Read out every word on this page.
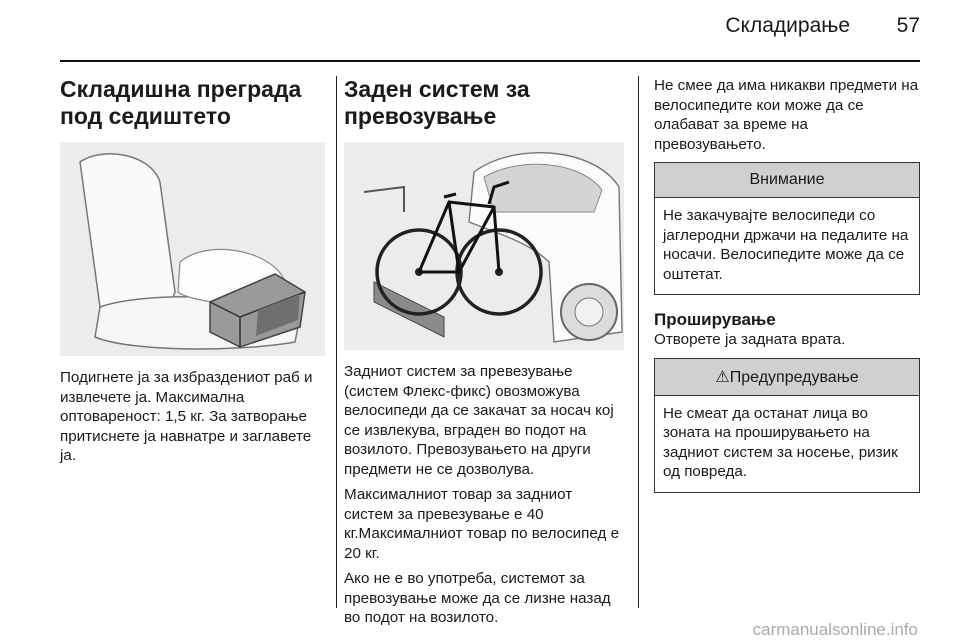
Складирање	57
Складишна преграда под седиштето

Подигнете ја за избраздениот раб и извлечете ја. Максимална оптовареност: 1,5 кг. За затворање притиснете ја навнатре и заглавете ја.

Заден систем за превозување

Задниот систем за превезување (систем Флекс-фикс) овозможува велосипеди да се закачат за носач кој се извлекува, вграден во подот на возилото. Превозувањето на други предмети не се дозволува.

Максималниот товар за задниот систем за превезување е 40 кг.Максималниот товар по велосипед е 20 кг.

Ако не е во употреба, системот за превозување може да се лизне назад во подот на возилото.

Не смее да има никакви предмети на велосипедите кои може да се олабават за време на превозувањето.

Внимание
Не закачувајте велосипеди со јаглеродни држачи на педалите на носачи. Велосипедите може да се оштетат.
Проширување

Отворете ја задната врата.

⚠Предупредување
Не смеат да останат лица во зоната на проширувањето на задниот систем за носење, ризик од повреда.
carmanualsonline.info
